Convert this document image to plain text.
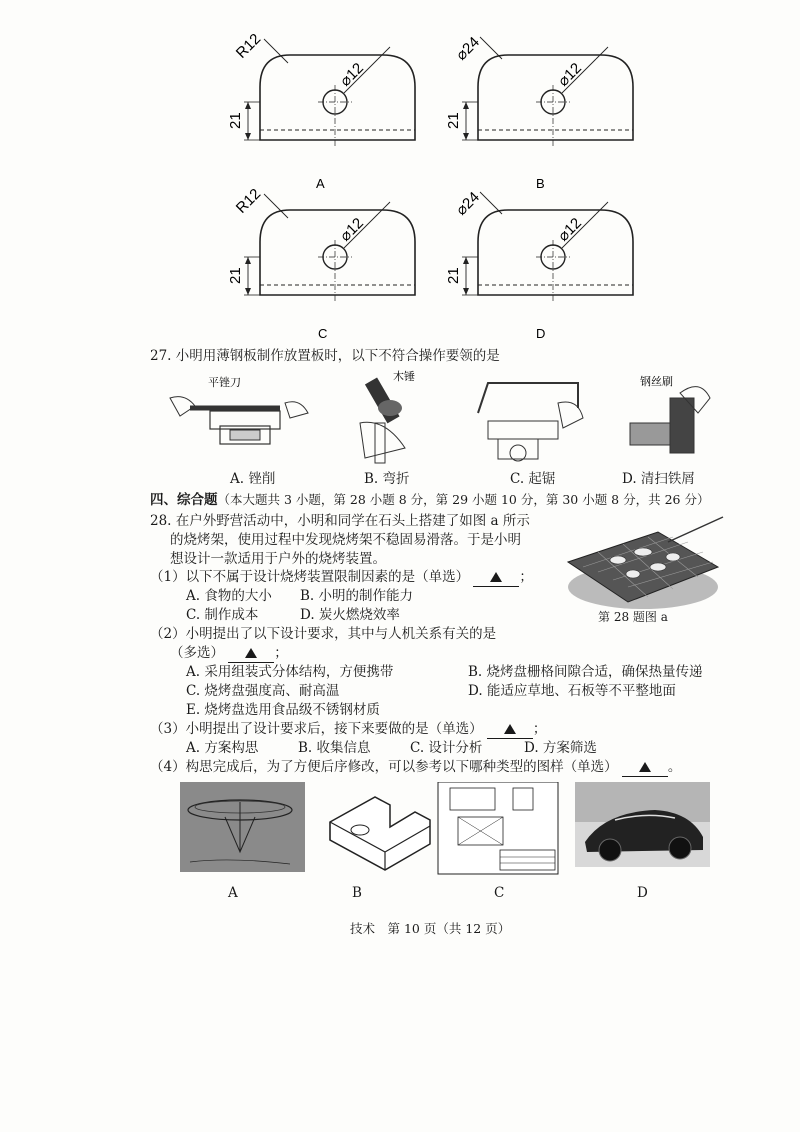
R12
⌀12
21
A
⌀24
⌀12
21
B
R12
⌀12
21
C
⌀24
⌀12
21
D
27. 小明用薄钢板制作放置板时，以下不符合操作要领的是
平锉刀	木锤	钢丝刷
A. 锉削	B. 弯折	C. 起锯	D. 清扫铁屑
四、综合题（本大题共 3 小题，第 28 小题 8 分，第 29 小题 10 分，第 30 小题 8 分，共 26 分）
28. 在户外野营活动中，小明和同学在石头上搭建了如图 a 所示
的烧烤架，使用过程中发现烧烤架不稳固易滑落。于是小明
想设计一款适用于户外的烧烤装置。
第 28 题图 a
（1）以下不属于设计烧烤装置限制因素的是（单选）	；
A. 食物的大小 B. 小明的制作能力
C. 制作成本	D. 炭火燃烧效率
（2）小明提出了以下设计要求，其中与人机关系有关的是
（多选）	；
A. 采用组装式分体结构，方便携带	B. 烧烤盘栅格间隙合适，确保热量传递
C. 烧烤盘强度高、耐高温	D. 能适应草地、石板等不平整地面
E. 烧烤盘选用食品级不锈钢材质
（3）小明提出了设计要求后，接下来要做的是（单选）	；
A. 方案构思	B. 收集信息	C. 设计分析	D. 方案筛选
（4）构思完成后，为了方便后序修改，可以参考以下哪种类型的图样（单选）	。
A	B	C	D
技术　第 10 页（共 12 页）
